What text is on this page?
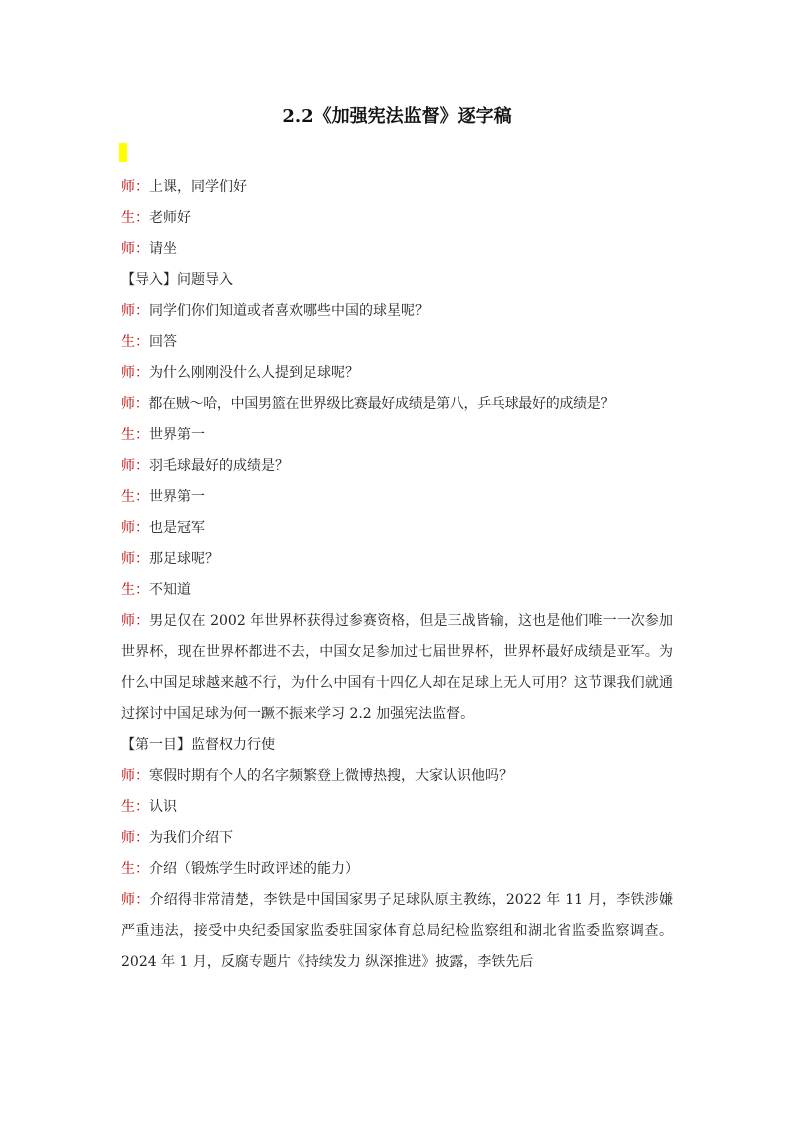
2.2《加强宪法监督》逐字稿
师：上课，同学们好
生：老师好
师：请坐
【导入】问题导入
师：同学们你们知道或者喜欢哪些中国的球星呢？
生：回答
师：为什么刚刚没什么人提到足球呢？
师：都在贼～哈，中国男篮在世界级比赛最好成绩是第八，乒乓球最好的成绩是？
生：世界第一
师：羽毛球最好的成绩是？
生：世界第一
师：也是冠军
师：那足球呢？
生：不知道
师：男足仅在 2002 年世界杯获得过参赛资格，但是三战皆输，这也是他们唯一一次参加世界杯，现在世界杯都进不去，中国女足参加过七届世界杯，世界杯最好成绩是亚军。为什么中国足球越来越不行，为什么中国有十四亿人却在足球上无人可用？这节课我们就通过探讨中国足球为何一蹶不振来学习 2.2 加强宪法监督。
【第一目】监督权力行使
师：寒假时期有个人的名字频繁登上微博热搜，大家认识他吗？
生：认识
师：为我们介绍下
生：介绍（锻炼学生时政评述的能力）
师：介绍得非常清楚，李铁是中国国家男子足球队原主教练，2022 年 11 月，李铁涉嫌严重违法，接受中央纪委国家监委驻国家体育总局纪检监察组和湖北省监委监察调查。2024 年 1 月，反腐专题片《持续发力 纵深推进》披露，李铁先后
